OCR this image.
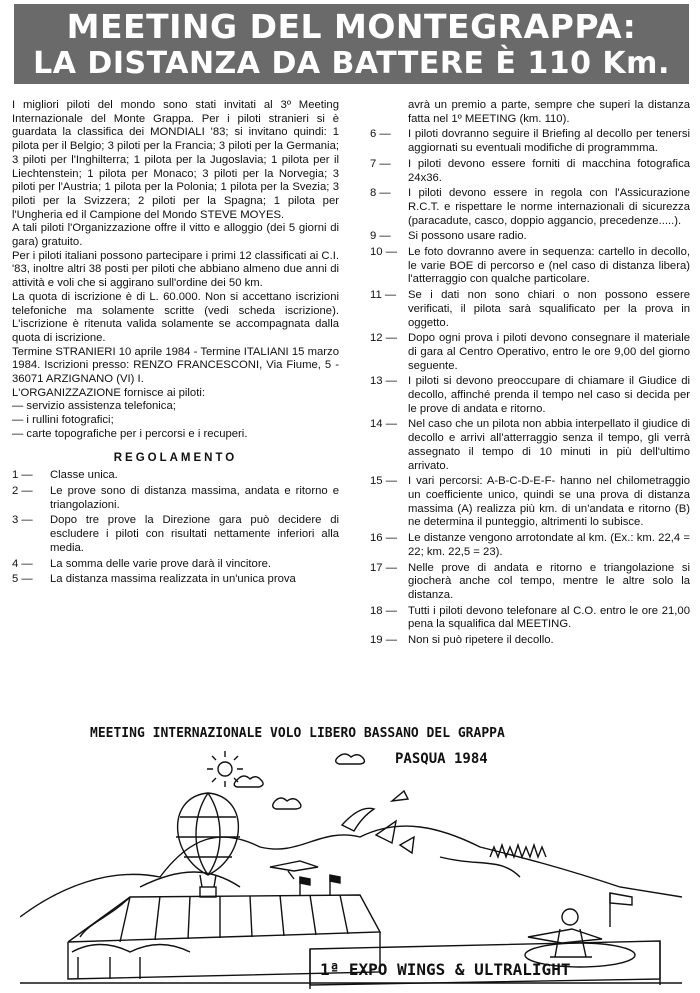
MEETING DEL MONTEGRAPPA:
LA DISTANZA DA BATTERE È 110 Km.

I migliori piloti del mondo sono stati invitati al 3º Meeting Internazionale del Monte Grappa. Per i piloti stranieri si è guardata la classifica dei MONDIALI '83; si invitano quindi: 1 pilota per il Belgio; 3 piloti per la Francia; 3 piloti per la Germania; 3 piloti per l'Inghilterra; 1 pilota per la Jugoslavia; 1 pilota per il Liechtenstein; 1 pilota per Monaco; 3 piloti per la Norvegia; 3 piloti per l'Austria; 1 pilota per la Polonia; 1 pilota per la Svezia; 3 piloti per la Svizzera; 2 piloti per la Spagna; 1 pilota per l'Ungheria ed il Campione del Mondo STEVE MOYES.

A tali piloti l'Organizzazione offre il vitto e alloggio (dei 5 giorni di gara) gratuito.

Per i piloti italiani possono partecipare i primi 12 classificati ai C.I. '83, inoltre altri 38 posti per piloti che abbiano almeno due anni di attività e voli che si aggirano sull'ordine dei 50 km.

La quota di iscrizione è di L. 60.000. Non si accettano iscrizioni telefoniche ma solamente scritte (vedi scheda iscrizione). L'iscrizione è ritenuta valida solamente se accompagnata dalla quota di iscrizione.

Termine STRANIERI 10 aprile 1984 - Termine ITALIANI 15 marzo 1984. Iscrizioni presso: RENZO FRANCESCONI, Via Fiume, 5 - 36071 ARZIGNANO (VI) I.

L'ORGANIZZAZIONE fornisce ai piloti:

— servizio assistenza telefonica;
— i rullini fotografici;
— carte topografiche per i percorsi e i recuperi.
REGOLAMENTO
1 —	Classe unica.
2 —	Le prove sono di distanza massima, andata e ritorno e triangolazioni.
3 —	Dopo tre prove la Direzione gara può decidere di escludere i piloti con risultati nettamente inferiori alla media.
4 —	La somma delle varie prove darà il vincitore.
5 —	La distanza massima realizzata in un'unica prova
avrà un premio a parte, sempre che superi la distanza fatta nel 1º MEETING (km. 110).
6 —	I piloti dovranno seguire il Briefing al decollo per tenersi aggiornati su eventuali modifiche di programmma.
7 —	I piloti devono essere forniti di macchina fotografica 24x36.
8 —	I piloti devono essere in regola con l'Assicurazione R.C.T. e rispettare le norme internazionali di sicurezza (paracadute, casco, doppio aggancio, precedenze.....).
9 —	Si possono usare radio.
10 — Le foto dovranno avere in sequenza: cartello in decollo, le varie BOE di percorso e (nel caso di distanza libera) l'atterraggio con qualche particolare.
11 —	Se i dati non sono chiari o non possono essere verificati, il pilota sarà squalificato per la prova in oggetto.
12 — Dopo ogni prova i piloti devono consegnare il materiale di gara al Centro Operativo, entro le ore 9,00 del giorno seguente.
13 — I piloti si devono preoccupare di chiamare il Giudice di decollo, affinché prenda il tempo nel caso si decida per le prove di andata e ritorno.
14 — Nel caso che un pilota non abbia interpellato il giudice di decollo e arrivi all'atterraggio senza il tempo, gli verrà assegnato il tempo di 10 minuti in più dell'ultimo arrivato.
15 — I vari percorsi: A-B-C-D-E-F- hanno nel chilometraggio un coefficiente unico, quindi se una prova di distanza massima (A) realizza più km. di un'andata e ritorno (B) ne determina il punteggio, altrimenti lo subisce.
16 — Le distanze vengono arrotondate al km. (Ex.: km. 22,4 = 22; km. 22,5 = 23).
17 — Nelle prove di andata e ritorno e triangolazione si giocherà anche col tempo, mentre le altre solo la distanza.
18 — Tutti i piloti devono telefonare al C.O. entro le ore 21,00 pena la squalifica dal MEETING.
19 — Non si può ripetere il decollo.
MEETING INTERNAZIONALE VOLO LIBERO BASSANO DEL GRAPPA
PASQUA 1984
1ª EXPO WINGS & ULTRALIGHT
